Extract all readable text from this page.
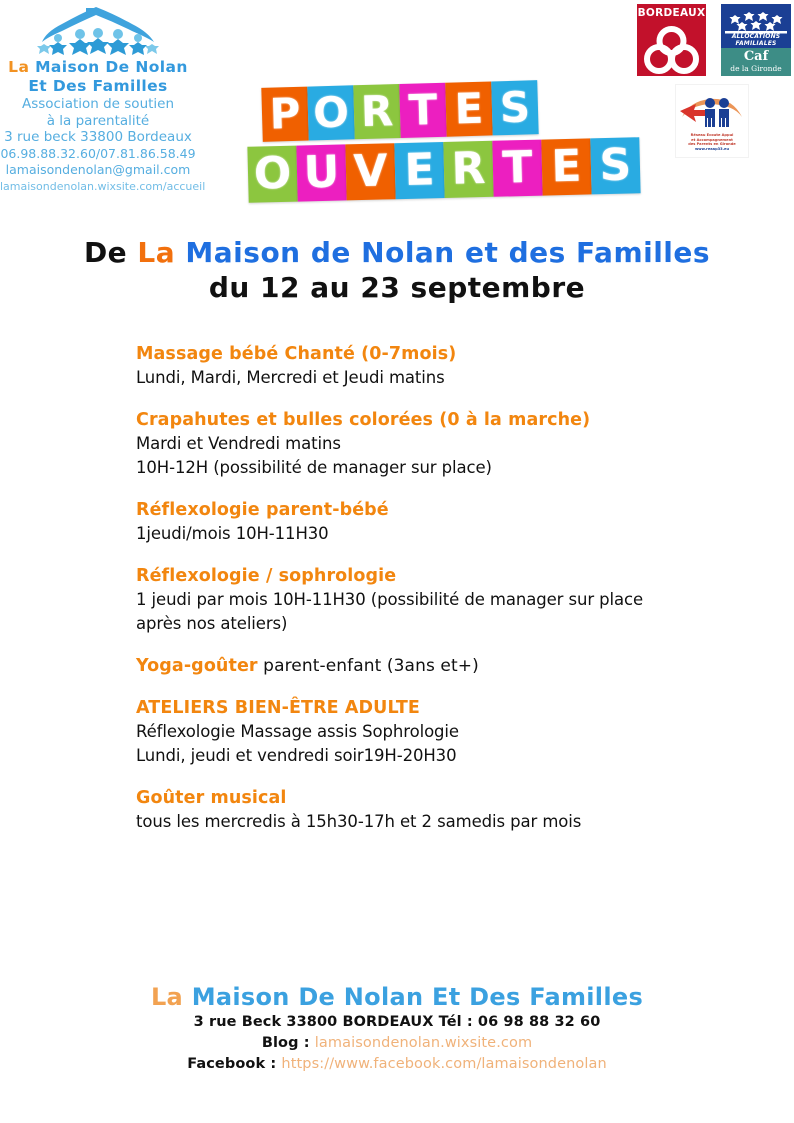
La Maison De Nolan
Et Des Familles
Association de soutien
à la parentalité
3 rue beck 33800 Bordeaux
06.98.88.32.60/07.81.86.58.49
lamaisondenolan@gmail.com
lamaisondenolan.wixsite.com/accueil
BORDEAUX
ALLOCATIONS
FAMILIALES
Caf
de la Gironde
Réseau Ecoute Appui
et Accompagnement
des Parents en Gironde
www.reaap33.eu
P O R T E S
O U V E R T E S
De La Maison de Nolan et des Familles
du 12 au 23 septembre
Massage bébé Chanté (0-7mois)
Lundi, Mardi, Mercredi et Jeudi matins
Crapahutes et bulles colorées (0 à la marche)
Mardi et Vendredi matins
10H-12H (possibilité de manager sur place)
Réflexologie parent-bébé
1jeudi/mois 10H-11H30
Réflexologie / sophrologie
1 jeudi par mois 10H-11H30 (possibilité de manager sur place
après nos ateliers)
Yoga-goûter parent-enfant (3ans et+)
ATELIERS BIEN-ÊTRE ADULTE
Réflexologie Massage assis Sophrologie
Lundi, jeudi et vendredi soir19H-20H30
Goûter musical
tous les mercredis à 15h30-17h et 2 samedis par mois
La Maison De Nolan Et Des Familles
3 rue Beck 33800 BORDEAUX Tél : 06 98 88 32 60
Blog : lamaisondenolan.wixsite.com
Facebook : https://www.facebook.com/lamaisondenolan
